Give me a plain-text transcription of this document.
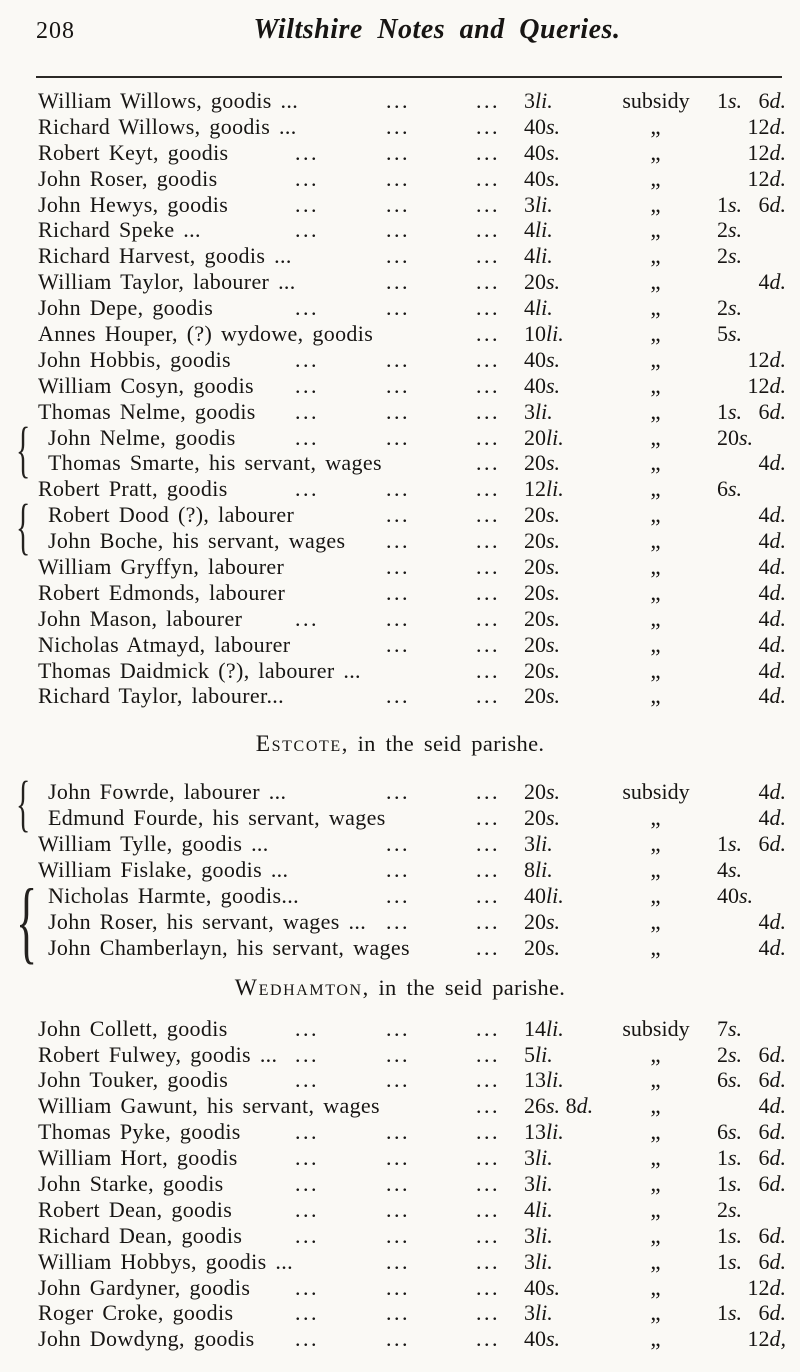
208	Wiltshire Notes and Queries.
William Willows, goodis ...	...	... 3li.	subsidy	1s. 6d.
Richard Willows, goodis ...	...	... 40s.	„	12d.
Robert Keyt, goodis	...	...	... 40s.	„	12d.
John Roser, goodis	...	...	... 40s.	„	12d.
John Hewys, goodis	...	...	... 3li.	„	1s. 6d.
Richard Speke ...	...	...	... 4li.	„	2s.
Richard Harvest, goodis ...	...	... 4li.	„	2s.
William Taylor, labourer ...	...	... 20s.	„	4d.
John Depe, goodis	...	...	... 4li.	„	2s.
Annes Houper, (?) wydowe, goodis	... 10li.	„	5s.
John Hobbis, goodis	...	...	... 40s.	„	12d.
William Cosyn, goodis ...	...	... 40s.	„	12d.
Thomas Nelme, goodis ...	...	... 3li.	„	1s. 6d.
John Nelme, goodis	...	...	... 20li.	„	20s.
{ Thomas Smarte, his servant, wages	... 20s.	„	4d.
Robert Pratt, goodis	...	...	... 12li.	„	6s.
Robert Dood (?), labourer	...	... 20s.	„	4d.
{ John Boche, his servant, wages ...	... 20s.	„	4d.
William Gryffyn, labourer	...	... 20s.	„	4d.
Robert Edmonds, labourer	...	... 20s.	„	4d.
John Mason, labourer ...	...	... 20s.	„	4d.
Nicholas Atmayd, labourer	...	... 20s.	„	4d.
Thomas Daidmick (?), labourer ...	... 20s.	„	4d.
Richard Taylor, labourer...	...	... 20s.	„	4d.
Estcote , in the seid parishe.
John Fowrde, labourer ...	...	... 20s.	subsidy	4d.
{ Edmund Fourde, his servant, wages	... 20s.	„	4d.
William Tylle, goodis ...	...	... 3li.	„	1s. 6d.
William Fislake, goodis ...	...	... 8li.	„	4s.
Nicholas Harmte, goodis...	...	... 40li.	„	40s.
{ John Roser, his servant, wages ... ...	... 20s.	„	4d.
John Chamberlayn, his servant, wages	... 20s.	„	4d.
Wedhamton , in the seid parishe.
John Collett, goodis	...	...	... 14li.	subsidy	7s.
Robert Fulwey, goodis ... ...	...	... 5li.	„	2s. 6d.
John Touker, goodis	...	...	... 13li.	„	6s. 6d.
William Gawunt, his servant, wages	... 26s. 8d.	„	4d.
Thomas Pyke, goodis ...	...	... 13li.	„	6s. 6d.
William Hort, goodis	...	...	... 3li.	„	1s. 6d.
John Starke, goodis	...	...	... 3li.	„	1s. 6d.
Robert Dean, goodis	...	...	... 4li.	„	2s.
Richard Dean, goodis ...	...	... 3li.	„	1s. 6d.
William Hobbys, goodis ...	...	... 3li.	„	1s. 6d.
John Gardyner, goodis ...	...	... 40s.	„	12d.
Roger Croke, goodis	...	...	... 3li.	„	1s. 6d.
John Dowdyng, goodis ...	...	... 40s.	„	12d,
